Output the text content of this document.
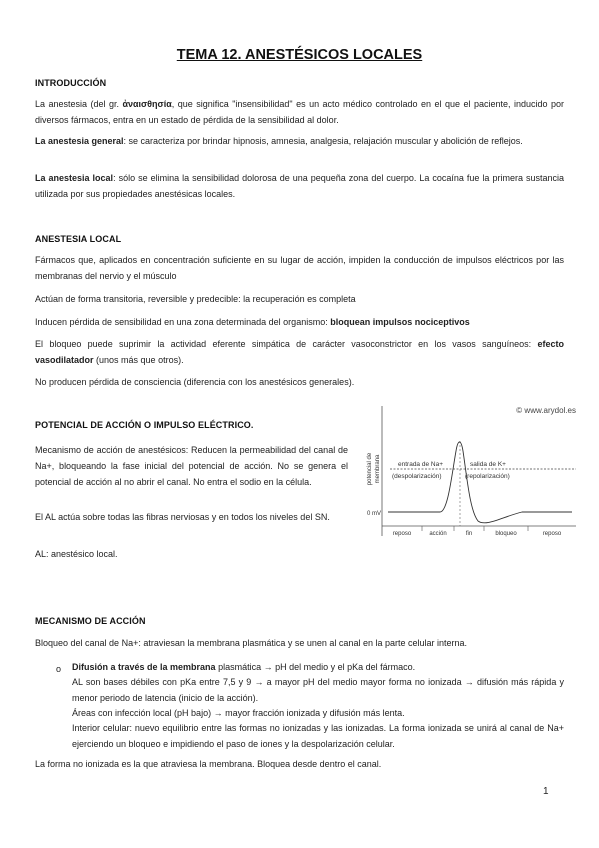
TEMA 12. ANESTÉSICOS LOCALES
INTRODUCCIÓN
La anestesia (del gr. ἀναισθησία, que significa "insensibilidad" es un acto médico controlado en el que el paciente, inducido por diversos fármacos, entra en un estado de pérdida de la sensibilidad al dolor.
La anestesia general: se caracteriza por brindar hipnosis, amnesia, analgesia, relajación muscular y abolición de reflejos.
La anestesia local: sólo se elimina la sensibilidad dolorosa de una pequeña zona del cuerpo. La cocaína fue la primera sustancia utilizada por sus propiedades anestésicas locales.
ANESTESIA LOCAL
Fármacos que, aplicados en concentración suficiente en su lugar de acción, impiden la conducción de impulsos eléctricos por las membranas del nervio y el músculo
Actúan de forma transitoria, reversible y predecible: la recuperación es completa
Inducen pérdida de sensibilidad en una zona determinada del organismo: bloquean impulsos nociceptivos
El bloqueo puede suprimir la actividad eferente simpática de carácter vasoconstrictor en los vasos sanguíneos: efecto vasodilatador (unos más que otros).
No producen pérdida de consciencia (diferencia con los anestésicos generales).
POTENCIAL DE ACCIÓN O IMPULSO ELÉCTRICO.
Mecanismo de acción de anestésicos: Reducen la permeabilidad del canal de Na+, bloqueando la fase inicial del potencial de acción. No se genera el potencial de acción al no abrir el canal. No entra el sodio en la célula.
El AL actúa sobre todas las fibras nerviosas y en todos los niveles del SN.
AL: anestésico local.
© www.arydol.es
potencial de membrana	entrada de Na+
(despolarización)
salida de K+
(repolarización)
0 mV
reposo	acción	fin	bloqueo	reposo
MECANISMO DE ACCIÓN
Bloqueo del canal de Na+: atraviesan la membrana plasmática y se unen al canal en la parte celular interna.
o Difusión a través de la membrana plasmática → pH del medio y el pKa del fármaco.
AL son bases débiles con pKa entre 7,5 y 9 → a mayor pH del medio mayor forma no ionizada → difusión más rápida y menor periodo de latencia (inicio de la acción).
Áreas con infección local (pH bajo) → mayor fracción ionizada y difusión más lenta.
Interior celular: nuevo equilibrio entre las formas no ionizadas y las ionizadas. La forma ionizada se unirá al canal de Na+ ejerciendo un bloqueo e impidiendo el paso de iones y la despolarización celular.
La forma no ionizada es la que atraviesa la membrana. Bloquea desde dentro el canal.
1
